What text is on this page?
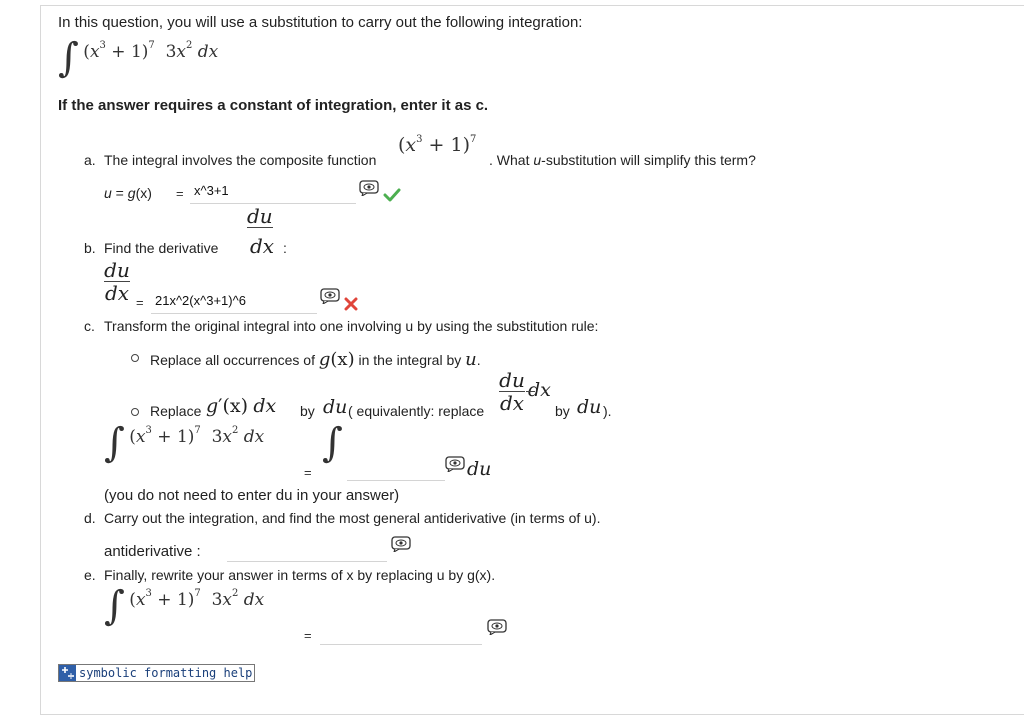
In this question, you will use a substitution to carry out the following integration:
∫ $(x^3 + 1)^7$ $3x^2$ dx
If the answer requires a constant of integration, enter it as c.
a. The integral involves the composite function
$(x^3 + 1)^7$
. What u-substitution will simplify this term?
u = g(x) = x^3+1
du
b. Find the derivative dx :
du
dx = 21x^2(x^3+1)^6
c. Transform the original integral into one involving u by using the substitution rule:
Replace all occurrences of g(x) in the integral by u.
Replace g′(x) dx by du ( equivalently: replace
du
dx
dx
by du ).
∫ $(x^3 + 1)^7$ $3x^2$ dx
=
∫
du
(you do not need to enter du in your answer)
d. Carry out the integration, and find the most general antiderivative (in terms of u).
antiderivative :
e. Finally, rewrite your answer in terms of x by replacing u by g(x).
∫ $(x^3 + 1)^7$ $3x^2$ dx
=
symbolic formatting help
